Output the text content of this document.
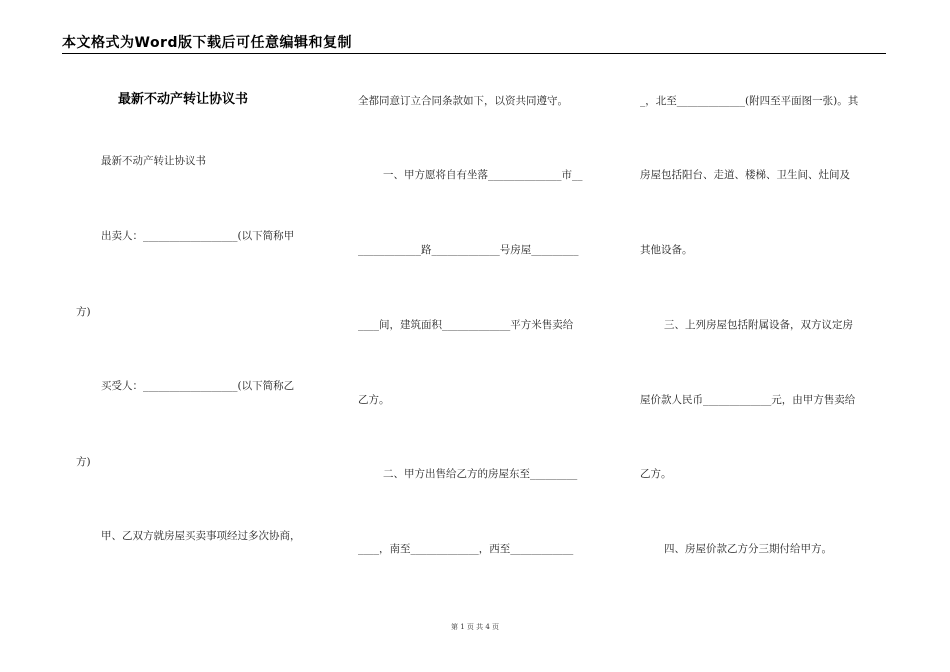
本文格式为Word版下载后可任意编辑和复制
最新不动产转让协议书
最新不动产转让协议书
出卖人：__________________(以下简称甲
方)
买受人：__________________(以下简称乙
方)
甲、乙双方就房屋买卖事项经过多次协商，
全都同意订立合同条款如下，以资共同遵守。
一、甲方愿将自有坐落______________市__
____________路_____________号房屋_________
____间，建筑面积_____________平方米售卖给
乙方。
二、甲方出售给乙方的房屋东至_________
____，南至_____________，西至____________
_，北至_____________(附四至平面图一张)。其
房屋包括阳台、走道、楼梯、卫生间、灶间及
其他设备。
三、上列房屋包括附属设备，双方议定房
屋价款人民币_____________元，由甲方售卖给
乙方。
四、房屋价款乙方分三期付给甲方。
第 1 页 共 4 页
